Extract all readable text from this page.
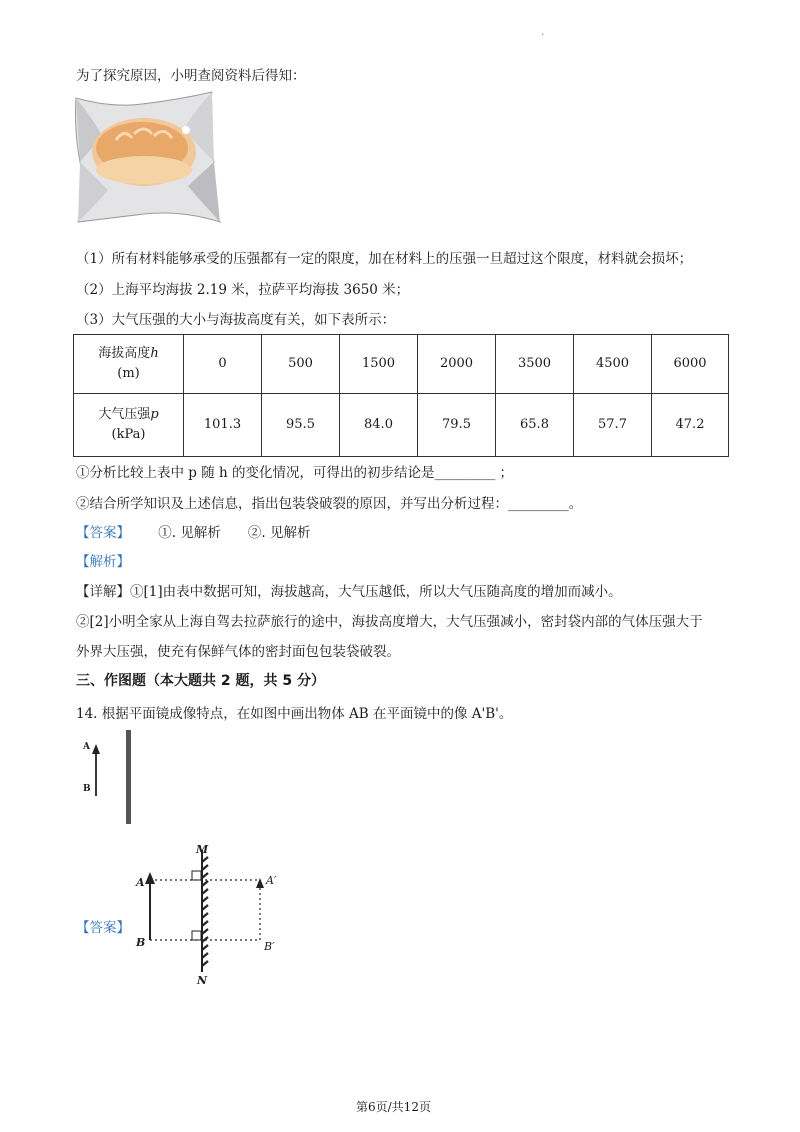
·
为了探究原因，小明查阅资料后得知：
（1）所有材料能够承受的压强都有一定的限度，加在材料上的压强一旦超过这个限度，材料就会损坏；
（2）上海平均海拔 2.19 米，拉萨平均海拔 3650 米；
（3）大气压强的大小与海拔高度有关，如下表所示：
海拔高度h
(m)	0	500	1500	2000	3500	4500	6000
大气压强p
(kPa)	101.3	95.5	84.0	79.5	65.8	57.7	47.2
①分析比较上表中 p 随 h 的变化情况，可得出的初步结论是_________ ；
②结合所学知识及上述信息，指出包装袋破裂的原因，并写出分析过程：_________。
【答案】 ①. 见解析　　②. 见解析
【解析】
【详解】①[1]由表中数据可知，海拔越高，大气压越低，所以大气压随高度的增加而减小。
②[2]小明全家从上海自驾去拉萨旅行的途中，海拔高度增大，大气压强减小，密封袋内部的气体压强大于
外界大压强，使充有保鲜气体的密封面包包装袋破裂。
三、作图题（本大题共 2 题，共 5 分）
14. 根据平面镜成像特点，在如图中画出物体 AB 在平面镜中的像 A'B'。
A
B
【答案】
M
N
A
B
A′
B′
第6页/共12页
